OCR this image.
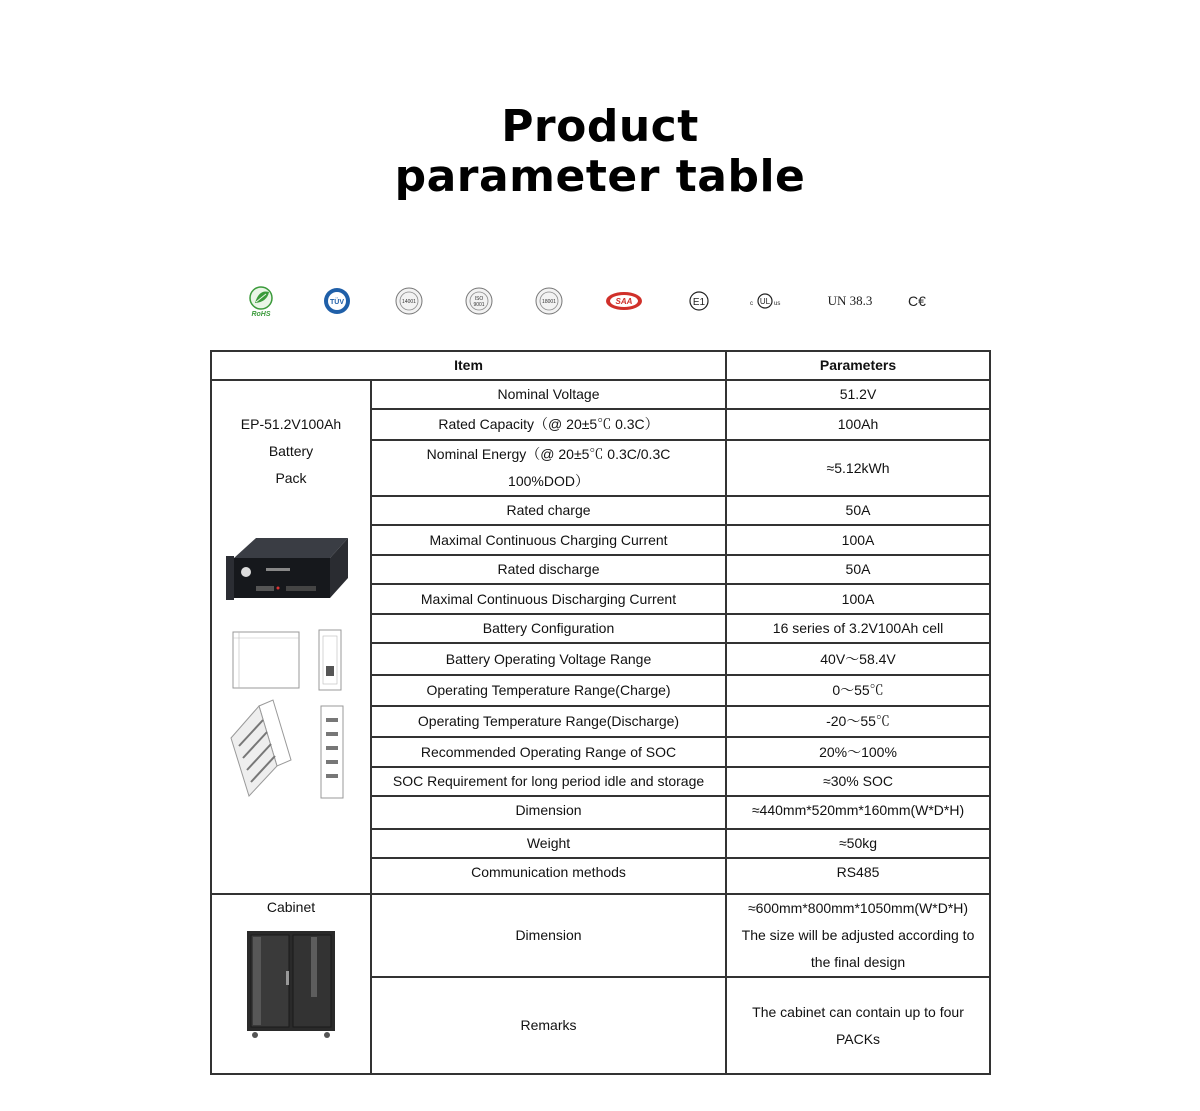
Product
parameter table
RoHS
TÜV	14001	ISO
9001	18001	SAA	E1	c UL us	UN 38.3	C€
Item		Parameters

EP-51.2V100Ah
Battery
Pack	Nominal Voltage	51.2V
	Rated Capacity（@ 20±5℃ 0.3C）	100Ah

	Nominal Energy（@ 20±5℃ 0.3C/0.3C
100%DOD）	≈5.12kWh
	Rated charge	50A
	Maximal Continuous Charging Current	100A
	Rated discharge	50A
	Maximal Continuous Discharging Current	100A
	Battery Configuration	16 series of 3.2V100Ah cell
	Battery Operating Voltage Range	40V～58.4V
	Operating Temperature Range(Charge)	0～55℃
	Operating Temperature Range(Discharge)	-20～55℃
	Recommended Operating Range of SOC	20%～100%
	SOC Requirement for long period idle and storage	≈30% SOC
	Dimension	≈440mm*520mm*160mm(W*D*H)
	Weight	≈50kg
	Communication methods	RS485

Cabinet	Dimension	≈600mm*800mm*1050mm(W*D*H)
The size will be adjusted according to
the final design

	Remarks	The cabinet can contain up to four
PACKs
